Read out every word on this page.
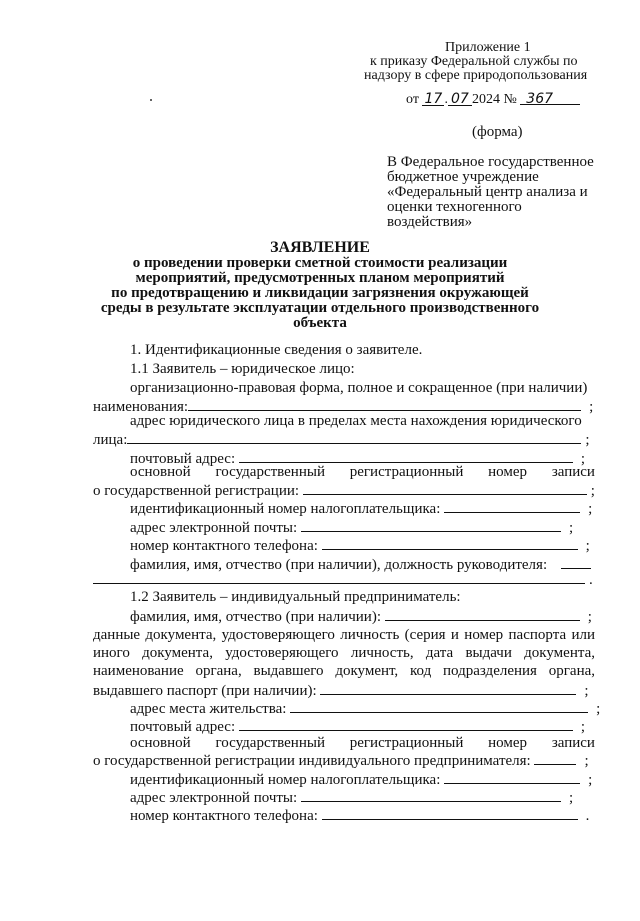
Приложение 1
к приказу Федеральной службы по
надзору в сфере природопользования
от 17 . 07 2024 № 367
(форма)
В Федеральное государственное
бюджетное учреждение
«Федеральный центр анализа и
оценки техногенного
воздействия»
ЗАЯВЛЕНИЕ
о проведении проверки сметной стоимости реализации
мероприятий, предусмотренных планом мероприятий
по предотвращению и ликвидации загрязнения окружающей
среды в результате эксплуатации отдельного производственного
объекта
1. Идентификационные сведения о заявителе.
1.1 Заявитель – юридическое лицо:
организационно-правовая форма, полное и сокращенное (при наличии)
наименования:	;
адрес юридического лица в пределах места нахождения юридического
лица:	;
почтовый адрес:	;
основной государственный регистрационный номер записи
о государственной регистрации:	;
идентификационный номер налогоплательщика:	;
адрес электронной почты:	;
номер контактного телефона:	;
фамилия, имя, отчество (при наличии), должность руководителя:
.
1.2 Заявитель – индивидуальный предприниматель:
фамилия, имя, отчество (при наличии):	;
данные документа, удостоверяющего личность (серия и номер паспорта или
иного документа, удостоверяющего личность, дата выдачи документа,
наименование органа, выдавшего документ, код подразделения органа,
выдавшего паспорт (при наличии):	;
адрес места жительства:	;
почтовый адрес:	;
основной государственный регистрационный номер записи
о государственной регистрации индивидуального предпринимателя:	;
идентификационный номер налогоплательщика:	;
адрес электронной почты:	;
номер контактного телефона:	.
